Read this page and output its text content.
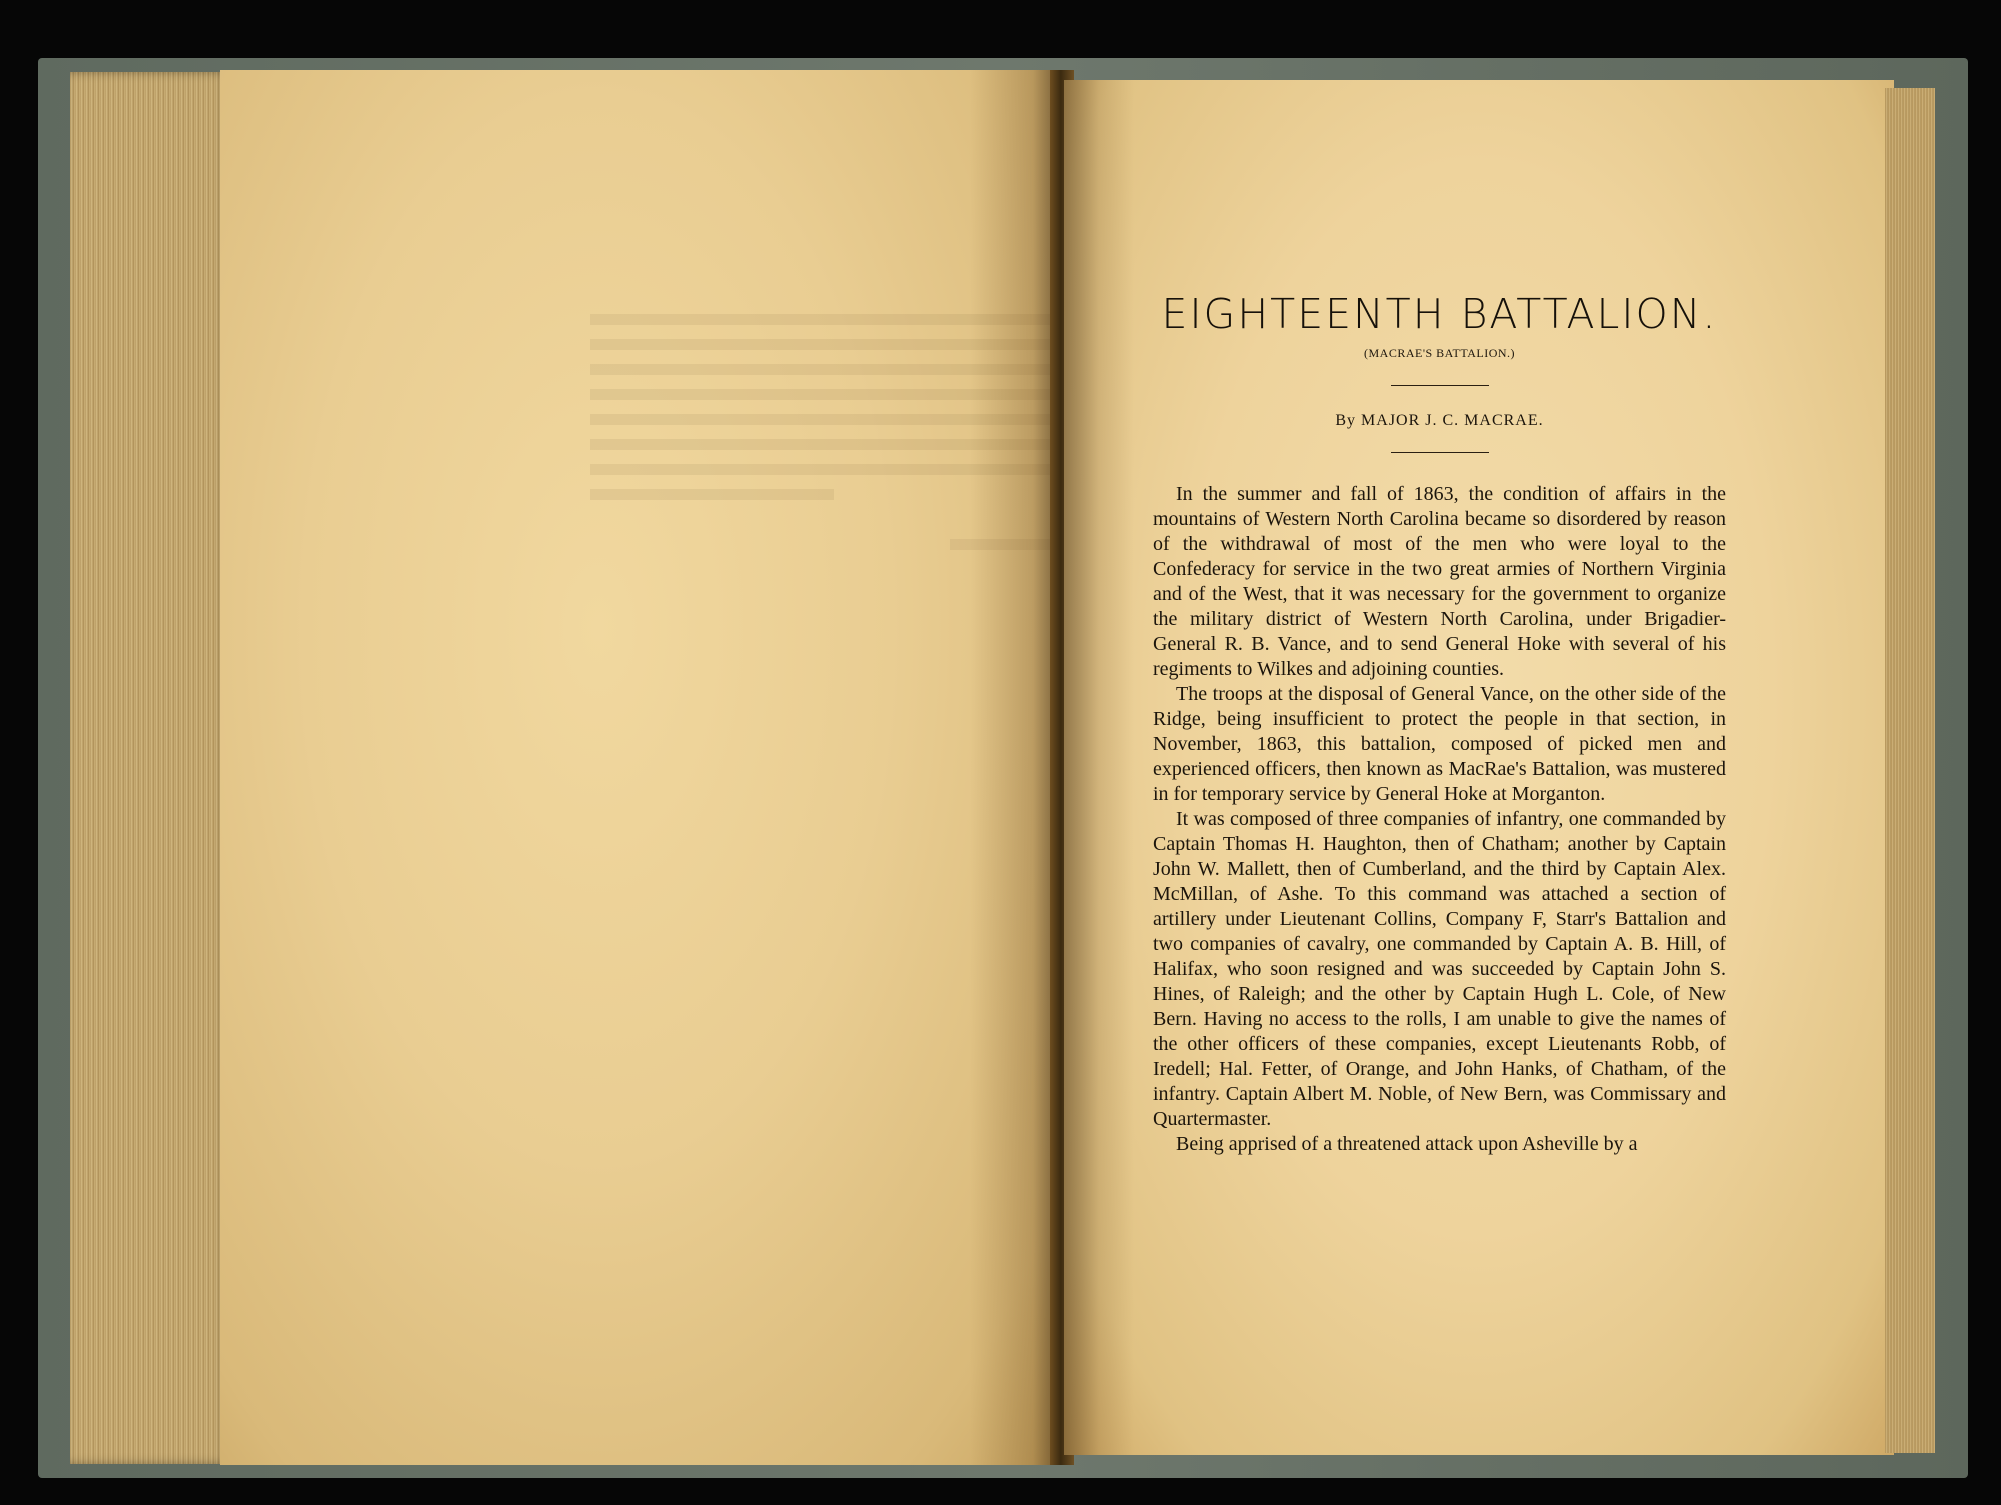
EIGHTEENTH BATTALION.
(MACRAE'S BATTALION.)
By MAJOR J. C. MACRAE.

In the summer and fall of 1863, the condition of affairs in the mountains of Western North Carolina became so disordered by reason of the withdrawal of most of the men who were loyal to the Confederacy for service in the two great armies of Northern Virginia and of the West, that it was necessary for the government to organize the military district of Western North Carolina, under Brigadier-General R. B. Vance, and to send General Hoke with several of his regiments to Wilkes and adjoining counties.

The troops at the disposal of General Vance, on the other side of the Ridge, being insufficient to protect the people in that section, in November, 1863, this battalion, composed of picked men and experienced officers, then known as MacRae's Battalion, was mustered in for temporary service by General Hoke at Morganton.

It was composed of three companies of infantry, one commanded by Captain Thomas H. Haughton, then of Chatham; another by Captain John W. Mallett, then of Cumberland, and the third by Captain Alex. McMillan, of Ashe. To this command was attached a section of artillery under Lieutenant Collins, Company F, Starr's Battalion and two companies of cavalry, one commanded by Captain A. B. Hill, of Halifax, who soon resigned and was succeeded by Captain John S. Hines, of Raleigh; and the other by Captain Hugh L. Cole, of New Bern. Having no access to the rolls, I am unable to give the names of the other officers of these companies, except Lieutenants Robb, of Iredell; Hal. Fetter, of Orange, and John Hanks, of Chatham, of the infantry. Captain Albert M. Noble, of New Bern, was Commissary and Quartermaster.

Being apprised of a threatened attack upon Asheville by a
